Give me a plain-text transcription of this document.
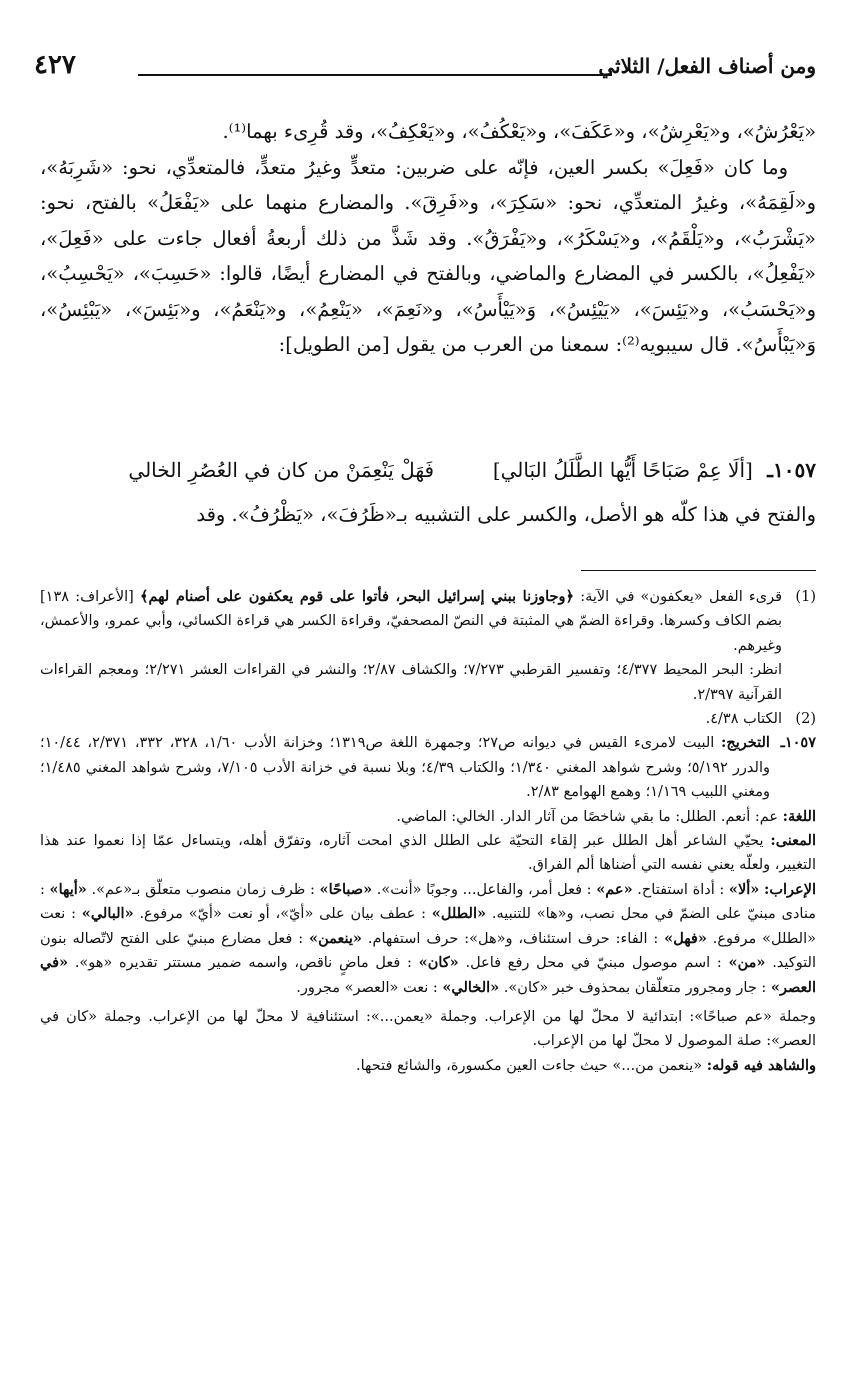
ومن أصناف الفعل/ الثلاثي
٤٢٧

«يَعْرُشُ»، و«يَعْرِشُ»، و«عَكَفَ»، و«يَعْكُفُ»، و«يَعْكِفُ»، وقد قُرِىء بهما⁽¹⁾.

وما كان «فَعِلَ» بكسر العين، فإنّه على ضربين: متعدٍّ وغيرُ متعدٍّ، فالمتعدِّي، نحو: «شَرِبَهُ»، و«لَقِمَهُ»، وغيرُ المتعدِّي، نحو: «سَكِرَ»، و«فَرِقَ». والمضارع منهما على «يَفْعَلُ» بالفتح، نحو: «يَشْرَبُ»، و«يَلْقَمُ»، و«يَسْكَرُ»، و«يَفْرَقُ». وقد شَذَّ من ذلك أربعةُ أفعال جاءت على «فَعِلَ»، «يَفْعِلُ»، بالكسر في المضارع والماضي، وبالفتح في المضارع أيضًا، قالوا: «حَسِبَ»، «يَحْسِبُ»، و«يَحْسَبُ»، و«يَئِسَ»، «يَيْئِسُ»، وَ«يَيْأَسُ»، و«نَعِمَ»، «يَنْعِمُ»، و«يَنْعَمُ»، و«بَئِسَ»، «يَبْئِسُ»، وَ«يَبْأَسُ». قال سيبويه⁽²⁾: سمعنا من العرب من يقول [من الطويل]:

١٠٥٧ـ [ألَا عِمْ صَبَاحًا أَيُّها الطَّلَلُ البَالي]  فَهَلْ يَنْعِمَنْ من كان في العُصُرِ الخالي
والفتح في هذا كلّه هو الأصل، والكسر على التشبيه بـ«ظَرُفَ»، «يَظْرُفُ». وقد

(1)
قرىء الفعل «يعكفون» في الآية: ﴿وجاوزنا ببني إسرائيل البحر، فأتوا على قوم يعكفون على أصنام لهم﴾ [الأعراف: ١٣٨] بضم الكاف وكسرها. وقراءة الضمّ هي المثبتة في النصّ المصحفيّ، وقراءة الكسر هي قراءة الكسائي، وأبي عمرو، والأعمش، وغيرهم.

انظر: البحر المحيط ٤/٣٧٧؛ وتفسير القرطبي ٧/٢٧٣؛ والكشاف ٢/٨٧؛ والنشر في القراءات العشر ٢/٢٧١؛ ومعجم القراءات القرآنية ٢/٣٩٧.

(2)
الكتاب ٤/٣٨.

١٠٥٧ـ
التخريج: البيت لامرىء القيس في ديوانه ص٢٧؛ وجمهرة اللغة ص١٣١٩؛ وخزانة الأدب ١/٦٠، ٣٢٨، ٣٣٢، ٢/٣٧١، ١٠/٤٤؛ والدرر ٥/١٩٢؛ وشرح شواهد المغني ١/٣٤٠؛ والكتاب ٤/٣٩؛ وبلا نسبة في خزانة الأدب ٧/١٠٥، وشرح شواهد المغني ١/٤٨٥؛ ومغني اللبيب ١/١٦٩؛ وهمع الهوامع ٢/٨٣.

اللغة: عم: أنعم. الطلل: ما بقي شاخصًا من آثار الدار. الخالي: الماضي.

المعنى: يحيّي الشاعر أهل الطلل عبر إلقاء التحيّة على الطلل الذي امحت آثاره، وتفرّق أهله، ويتساءل عمّا إذا نعموا عند هذا التغيير، ولعلّه يعني نفسه التي أضناها ألم الفراق.

الإعراب: «ألا» : أداة استفتاح. «عم» : فعل أمر، والفاعل... وجوبًا «أنت». «صباحًا» : ظرف زمان منصوب متعلّق بـ«عم». «أيها» : منادى مبنيّ على الضمّ في محل نصب، و«ها» للتنبيه. «الطلل» : عطف بيان على «أيّ»، أو نعت «أيّ» مرفوع. «البالي» : نعت «الطلل» مرفوع. «فهل» : الفاء: حرف استئناف، و«هل»: حرف استفهام. «ينعمن» : فعل مضارع مبنيّ على الفتح لاتّصاله بنون التوكيد. «من» : اسم موصول مبنيّ في محل رفع فاعل. «كان» : فعل ماضٍ ناقص، واسمه ضمير مستتر تقديره «هو». «في العصر» : جار ومجرور متعلّقان بمحذوف خبر «كان». «الخالي» : نعت «العصر» مجرور.

وجملة «عم صباحًا»: ابتدائية لا محلّ لها من الإعراب. وجملة «يعمن...»: استئنافية لا محلّ لها من الإعراب. وجملة «كان في العصر»: صلة الموصول لا محلّ لها من الإعراب.

والشاهد فيه قوله: «ينعمن من...» حيث جاءت العين مكسورة، والشائع فتحها.
